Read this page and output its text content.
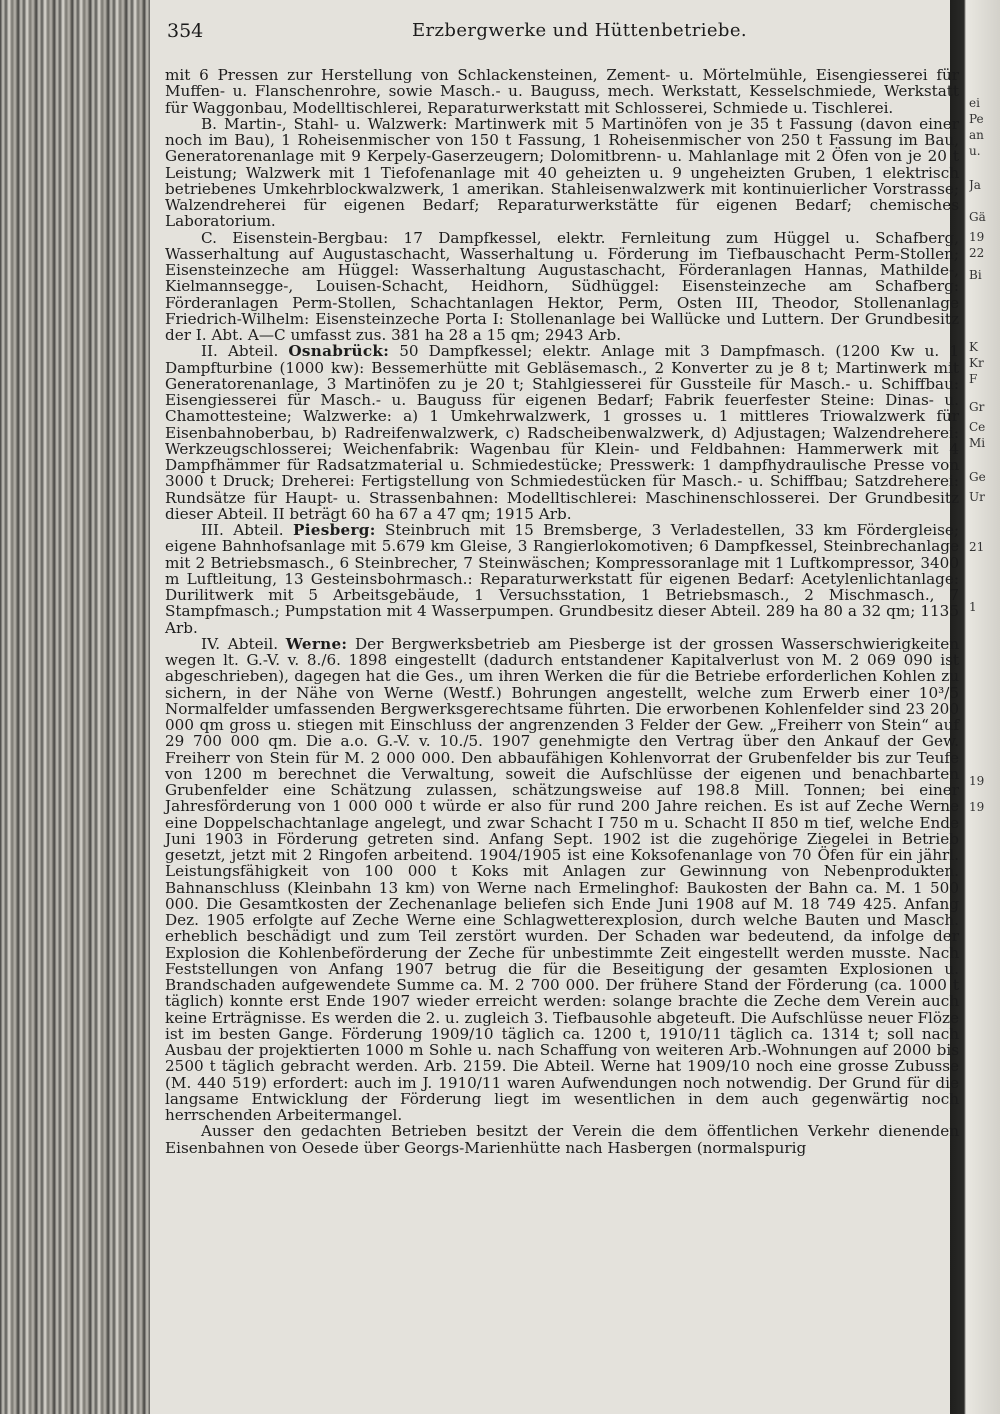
ei
Pe
an
u.
Ja
Gä
19
22
Bi
K
Kr
F
Gr
Ce
Mi
Ge
Ur
21
1
19
19
354	Erzbergwerke und Hüttenbetriebe.

mit 6 Pressen zur Herstellung von Schlackensteinen, Zement- u. Mörtelmühle, Eisengiesserei für Muffen- u. Flanschenrohre, sowie Masch.- u. Bauguss, mech. Werkstatt, Kesselschmiede, Werkstatt für Waggonbau, Modelltischlerei, Reparaturwerkstatt mit Schlosserei, Schmiede u. Tischlerei.

B. Martin-, Stahl- u. Walzwerk: Martinwerk mit 5 Martinöfen von je 35 t Fassung (davon einer noch im Bau), 1 Roheisenmischer von 150 t Fassung, 1 Roheisenmischer von 250 t Fassung im Bau, Generatorenanlage mit 9 Kerpely-Gaserzeugern; Dolomitbrenn- u. Mahlanlage mit 2 Öfen von je 20 t Leistung; Walzwerk mit 1 Tiefofenanlage mit 40 geheizten u. 9 ungeheizten Gruben, 1 elektrisch betriebenes Umkehrblockwalzwerk, 1 amerikan. Stahleisenwalzwerk mit kontinuierlicher Vorstrasse; Walzendreherei für eigenen Bedarf; Reparaturwerkstätte für eigenen Bedarf; chemisches Laboratorium.

C. Eisenstein-Bergbau: 17 Dampfkessel, elektr. Fernleitung zum Hüggel u. Schafberg, Wasserhaltung auf Augustaschacht, Wasserhaltung u. Förderung im Tiefbauschacht Perm-Stollen; Eisensteinzeche am Hüggel: Wasserhaltung Augustaschacht, Förderanlagen Hannas, Mathilde-, Kielmannsegge-, Louisen-Schacht, Heidhorn, Südhüggel: Eisensteinzeche am Schafberg: Förderanlagen Perm-Stollen, Schachtanlagen Hektor, Perm, Osten III, Theodor, Stollenanlage Friedrich-Wilhelm: Eisensteinzeche Porta I: Stollenanlage bei Wallücke und Luttern. Der Grundbesitz der I. Abt. A—C umfasst zus. 381 ha 28 a 15 qm; 2943 Arb.

II. Abteil. Osnabrück: 50 Dampfkessel; elektr. Anlage mit 3 Dampfmasch. (1200 Kw u. 1 Dampfturbine (1000 kw): Bessemerhütte mit Gebläsemasch., 2 Konverter zu je 8 t; Martinwerk mit Generatorenanlage, 3 Martinöfen zu je 20 t; Stahlgiesserei für Gussteile für Masch.- u. Schiffbau: Eisengiesserei für Masch.- u. Bauguss für eigenen Bedarf; Fabrik feuerfester Steine: Dinas- u. Chamottesteine; Walzwerke: a) 1 Umkehrwalzwerk, 1 grosses u. 1 mittleres Triowalzwerk für Eisenbahnoberbau, b) Radreifenwalzwerk, c) Radscheibenwalzwerk, d) Adjustagen; Walzendreherei: Werkzeugschlosserei; Weichenfabrik: Wagenbau für Klein- und Feldbahnen: Hammerwerk mit 4 Dampfhämmer für Radsatzmaterial u. Schmiedestücke; Presswerk: 1 dampfhydraulische Presse von 3000 t Druck; Dreherei: Fertigstellung von Schmiedestücken für Masch.- u. Schiffbau; Satzdreherei: Rundsätze für Haupt- u. Strassenbahnen: Modelltischlerei: Maschinenschlosserei. Der Grundbesitz dieser Abteil. II beträgt 60 ha 67 a 47 qm; 1915 Arb.

III. Abteil. Piesberg: Steinbruch mit 15 Bremsberge, 3 Verladestellen, 33 km Fördergleise; eigene Bahnhofsanlage mit 5.679 km Gleise, 3 Rangierlokomotiven; 6 Dampfkessel, Steinbrechanlage mit 2 Betriebsmasch., 6 Steinbrecher, 7 Steinwäschen; Kompressoranlage mit 1 Luftkompressor, 3400 m Luftleitung, 13 Gesteinsbohrmasch.: Reparaturwerkstatt für eigenen Bedarf: Acetylenlichtanlage: Durilitwerk mit 5 Arbeitsgebäude, 1 Versuchsstation, 1 Betriebsmasch., 2 Mischmasch., 7 Stampfmasch.; Pumpstation mit 4 Wasserpumpen. Grundbesitz dieser Abteil. 289 ha 80 a 32 qm; 1135 Arb.

IV. Abteil. Werne: Der Bergwerksbetrieb am Piesberge ist der grossen Wasserschwierigkeiten wegen lt. G.-V. v. 8./6. 1898 eingestellt (dadurch entstandener Kapitalverlust von M. 2 069 090 ist abgeschrieben), dagegen hat die Ges., um ihren Werken die für die Betriebe erforderlichen Kohlen zu sichern, in der Nähe von Werne (Westf.) Bohrungen angestellt, welche zum Erwerb einer 10³/5 Normalfelder umfassenden Bergwerksgerechtsame führten. Die erworbenen Kohlenfelder sind 23 200 000 qm gross u. stiegen mit Einschluss der angrenzenden 3 Felder der Gew. „Freiherr von Stein“ auf 29 700 000 qm. Die a.o. G.-V. v. 10./5. 1907 genehmigte den Vertrag über den Ankauf der Gew. Freiherr von Stein für M. 2 000 000. Den abbaufähigen Kohlenvorrat der Grubenfelder bis zur Teufe von 1200 m berechnet die Verwaltung, soweit die Aufschlüsse der eigenen und benachbarten Grubenfelder eine Schätzung zulassen, schätzungsweise auf 198.8 Mill. Tonnen; bei einer Jahresförderung von 1 000 000 t würde er also für rund 200 Jahre reichen. Es ist auf Zeche Werne eine Doppelschachtanlage angelegt, und zwar Schacht I 750 m u. Schacht II 850 m tief, welche Ende Juni 1903 in Förderung getreten sind. Anfang Sept. 1902 ist die zugehörige Ziegelei in Betrieb gesetzt, jetzt mit 2 Ringofen arbeitend. 1904/1905 ist eine Koksofenanlage von 70 Öfen für ein jährl. Leistungsfähigkeit von 100 000 t Koks mit Anlagen zur Gewinnung von Nebenprodukten. Bahnanschluss (Kleinbahn 13 km) von Werne nach Ermelinghof: Baukosten der Bahn ca. M. 1 500 000. Die Gesamtkosten der Zechenanlage beliefen sich Ende Juni 1908 auf M. 18 749 425. Anfang Dez. 1905 erfolgte auf Zeche Werne eine Schlagwetterexplosion, durch welche Bauten und Masch. erheblich beschädigt und zum Teil zerstört wurden. Der Schaden war bedeutend, da infolge der Explosion die Kohlenbeförderung der Zeche für unbestimmte Zeit eingestellt werden musste. Nach Feststellungen von Anfang 1907 betrug die für die Beseitigung der gesamten Explosionen u. Brandschaden aufgewendete Summe ca. M. 2 700 000. Der frühere Stand der Förderung (ca. 1000 t täglich) konnte erst Ende 1907 wieder erreicht werden: solange brachte die Zeche dem Verein auch keine Erträgnisse. Es werden die 2. u. zugleich 3. Tiefbausohle abgeteuft. Die Aufschlüsse neuer Flöze ist im besten Gange. Förderung 1909/10 täglich ca. 1200 t, 1910/11 täglich ca. 1314 t; soll nach Ausbau der projektierten 1000 m Sohle u. nach Schaffung von weiteren Arb.-Wohnungen auf 2000 bis 2500 t täglich gebracht werden. Arb. 2159. Die Abteil. Werne hat 1909/10 noch eine grosse Zubusse (M. 440 519) erfordert: auch im J. 1910/11 waren Aufwendungen noch notwendig. Der Grund für die langsame Entwicklung der Förderung liegt im wesentlichen in dem auch gegenwärtig noch herrschenden Arbeitermangel.

Ausser den gedachten Betrieben besitzt der Verein die dem öffentlichen Verkehr dienenden Eisenbahnen von Oesede über Georgs-Marienhütte nach Hasbergen (normalspurig
